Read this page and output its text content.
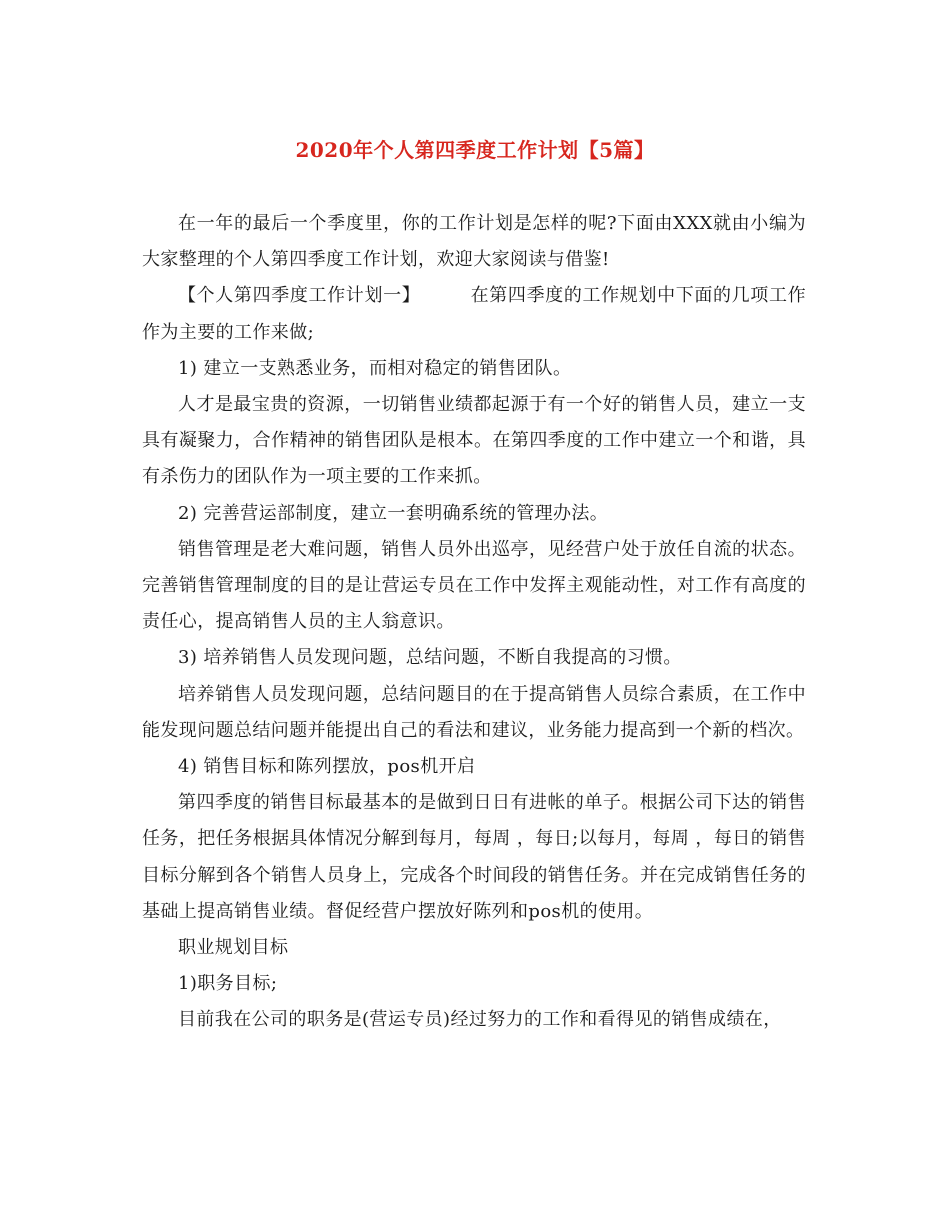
2020年个人第四季度工作计划【5篇】

在一年的最后一个季度里，你的工作计划是怎样的呢?下面由XXX就由小编为大家整理的个人第四季度工作计划，欢迎大家阅读与借鉴!

【个人第四季度工作计划一】	在第四季度的工作规划中下面的几项工作作为主要的工作来做;

1) 建立一支熟悉业务，而相对稳定的销售团队。

人才是最宝贵的资源，一切销售业绩都起源于有一个好的销售人员，建立一支具有凝聚力，合作精神的销售团队是根本。在第四季度的工作中建立一个和谐，具有杀伤力的团队作为一项主要的工作来抓。

2) 完善营运部制度，建立一套明确系统的管理办法。

销售管理是老大难问题，销售人员外出巡亭，见经营户处于放任自流的状态。完善销售管理制度的目的是让营运专员在工作中发挥主观能动性，对工作有高度的责任心，提高销售人员的主人翁意识。

3) 培养销售人员发现问题，总结问题，不断自我提高的习惯。

培养销售人员发现问题，总结问题目的在于提高销售人员综合素质，在工作中能发现问题总结问题并能提出自己的看法和建议，业务能力提高到一个新的档次。

4) 销售目标和陈列摆放，pos机开启

第四季度的销售目标最基本的是做到日日有进帐的单子。根据公司下达的销售任务，把任务根据具体情况分解到每月，每周 ，每日;以每月，每周 ，每日的销售目标分解到各个销售人员身上，完成各个时间段的销售任务。并在完成销售任务的基础上提高销售业绩。督促经营户摆放好陈列和pos机的使用。

职业规划目标

1)职务目标;

目前我在公司的职务是(营运专员)经过努力的工作和看得见的销售成绩在，
